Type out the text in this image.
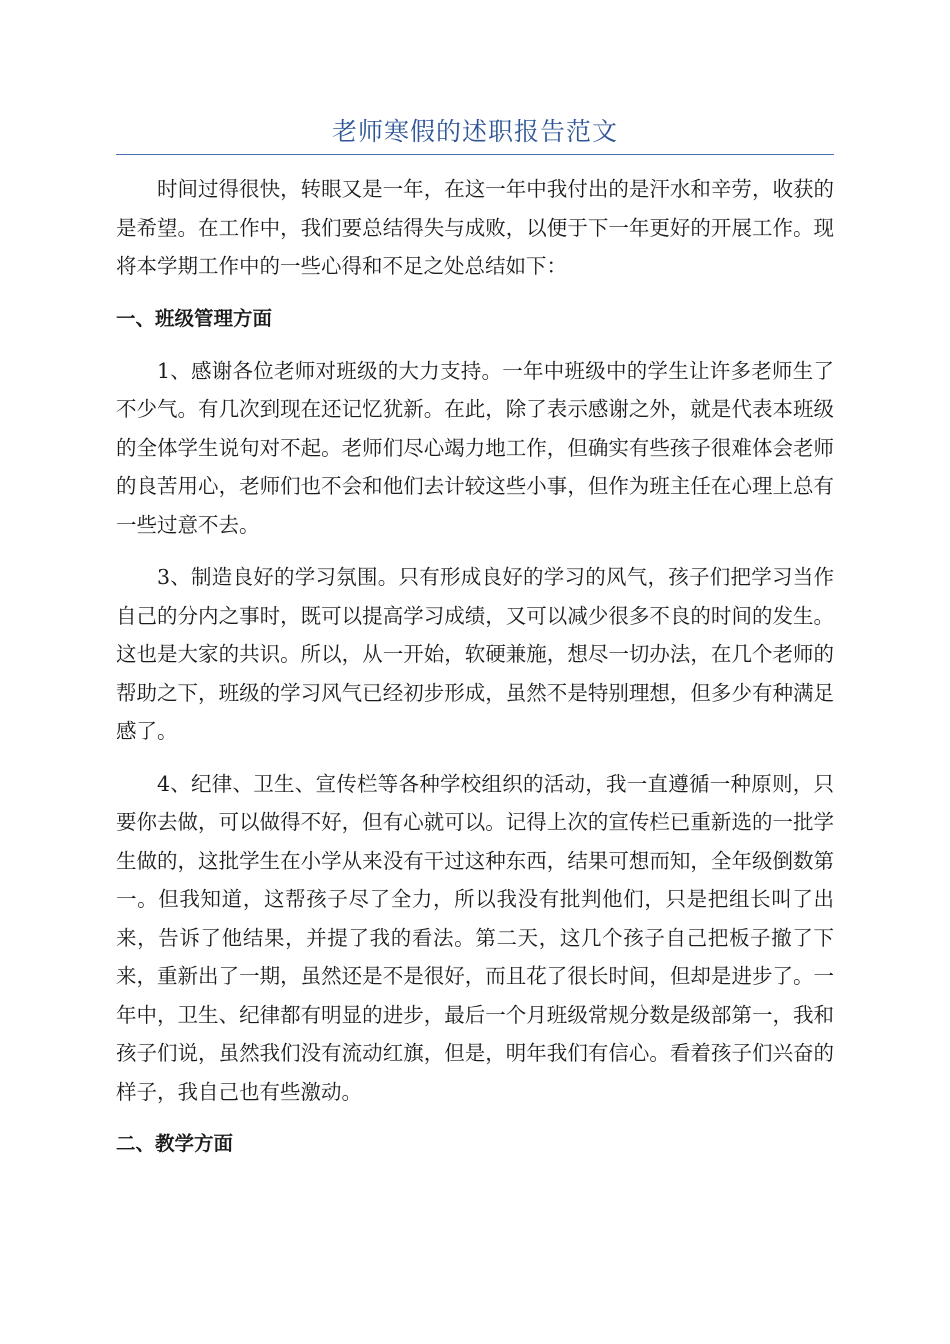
老师寒假的述职报告范文

时间过得很快，转眼又是一年，在这一年中我付出的是汗水和辛劳，收获的是希望。在工作中，我们要总结得失与成败，以便于下一年更好的开展工作。现将本学期工作中的一些心得和不足之处总结如下：

一、班级管理方面

1、感谢各位老师对班级的大力支持。一年中班级中的学生让许多老师生了不少气。有几次到现在还记忆犹新。在此，除了表示感谢之外，就是代表本班级的全体学生说句对不起。老师们尽心竭力地工作，但确实有些孩子很难体会老师的良苦用心，老师们也不会和他们去计较这些小事，但作为班主任在心理上总有一些过意不去。

3、制造良好的学习氛围。只有形成良好的学习的风气，孩子们把学习当作自己的分内之事时，既可以提高学习成绩，又可以减少很多不良的时间的发生。这也是大家的共识。所以，从一开始，软硬兼施，想尽一切办法，在几个老师的帮助之下，班级的学习风气已经初步形成，虽然不是特别理想，但多少有种满足感了。

4、纪律、卫生、宣传栏等各种学校组织的活动，我一直遵循一种原则，只要你去做，可以做得不好，但有心就可以。记得上次的宣传栏已重新选的一批学生做的，这批学生在小学从来没有干过这种东西，结果可想而知，全年级倒数第一。但我知道，这帮孩子尽了全力，所以我没有批判他们，只是把组长叫了出来，告诉了他结果，并提了我的看法。第二天，这几个孩子自己把板子撤了下来，重新出了一期，虽然还是不是很好，而且花了很长时间，但却是进步了。一年中，卫生、纪律都有明显的进步，最后一个月班级常规分数是级部第一，我和孩子们说，虽然我们没有流动红旗，但是，明年我们有信心。看着孩子们兴奋的样子，我自己也有些激动。

二、教学方面
